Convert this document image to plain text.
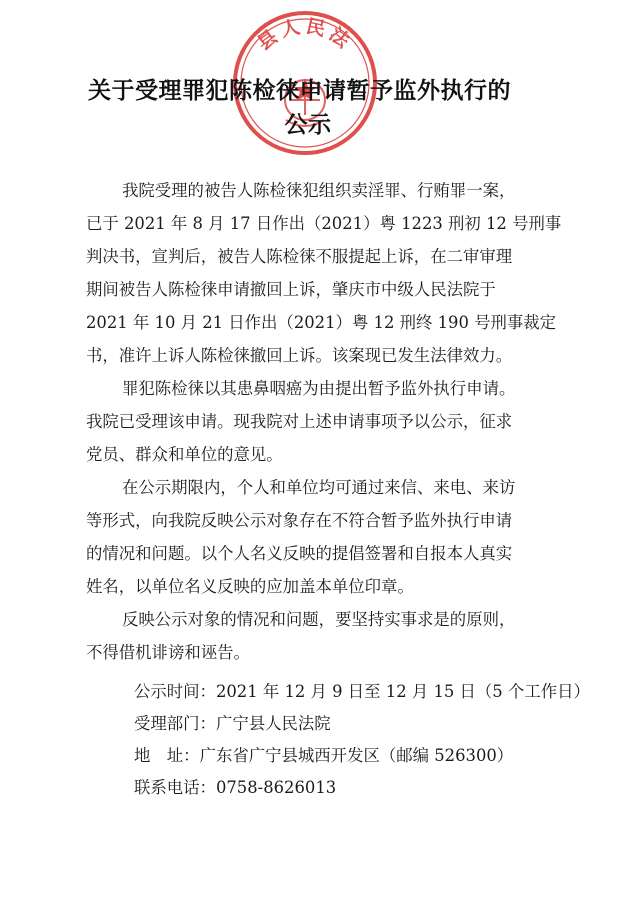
县人民法
关于受理罪犯陈检徕申请暂予监外执行的
公示
我院受理的被告人陈检徕犯组织卖淫罪、行贿罪一案，
已于 2021 年 8 月 17 日作出（2021）粤 1223 刑初 12 号刑事
判决书，宣判后，被告人陈检徕不服提起上诉，在二审审理
期间被告人陈检徕申请撤回上诉，肇庆市中级人民法院于
2021 年 10 月 21 日作出（2021）粤 12 刑终 190 号刑事裁定
书，准许上诉人陈检徕撤回上诉。该案现已发生法律效力。
罪犯陈检徕以其患鼻咽癌为由提出暂予监外执行申请。
我院已受理该申请。现我院对上述申请事项予以公示，征求
党员、群众和单位的意见。
在公示期限内，个人和单位均可通过来信、来电、来访
等形式，向我院反映公示对象存在不符合暂予监外执行申请
的情况和问题。以个人名义反映的提倡签署和自报本人真实
姓名，以单位名义反映的应加盖本单位印章。
反映公示对象的情况和问题，要坚持实事求是的原则，
不得借机诽谤和诬告。
公示时间： 2021 年 12 月 9 日至 12 月 15 日（5 个工作日）
受理部门： 广宁县人民法院
地　址： 广东省广宁县城西开发区（邮编 526300）
联系电话： 0758-8626013
